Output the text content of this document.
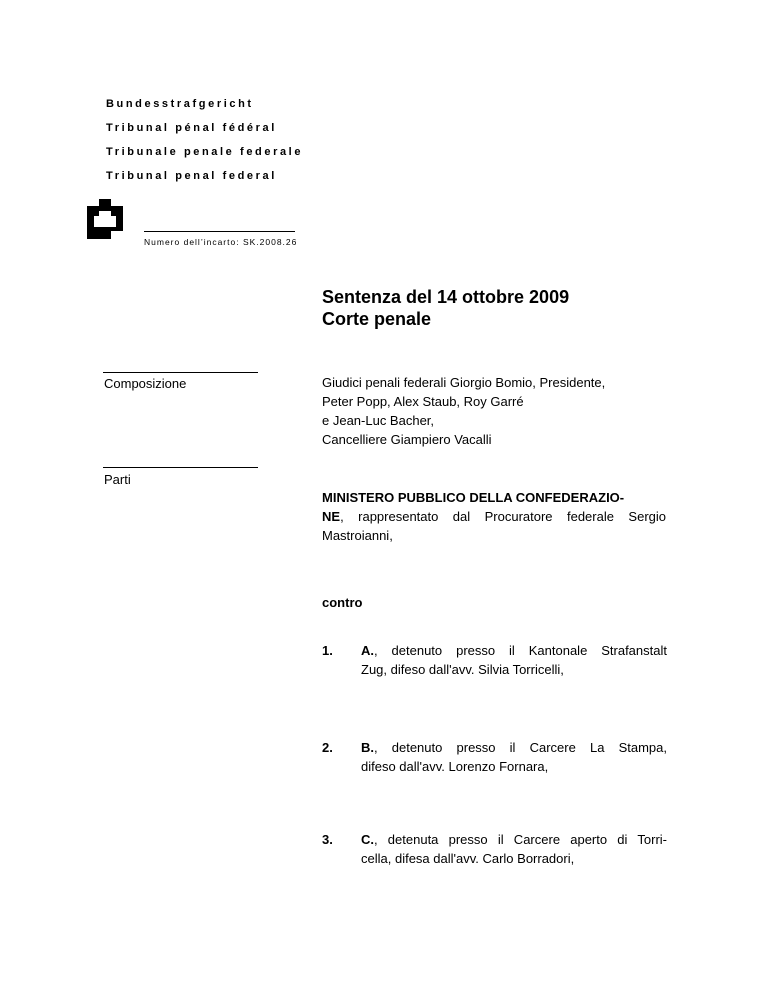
Bundesstrafgericht
Tribunal pénal fédéral
Tribunale penale federale
Tribunal penal federal
Numero dell’incarto: SK.2008.26
Sentenza del 14 ottobre 2009
Corte penale
Composizione	Giudici penali federali Giorgio Bomio, Presidente,
Peter Popp, Alex Staub, Roy Garré
e Jean-Luc Bacher,
Cancelliere Giampiero Vacalli
Parti
MINISTERO PUBBLICO DELLA CONFEDERAZIO-
NE, rappresentato dal Procuratore federale Sergio
Mastroianni,
contro
1. A., detenuto presso il Kantonale Strafanstalt
Zug, difeso dall'avv. Silvia Torricelli,
2. B., detenuto presso il Carcere La Stampa,
difeso dall'avv. Lorenzo Fornara,
3. C., detenuta presso il Carcere aperto di Torri-
cella, difesa dall'avv. Carlo Borradori,
